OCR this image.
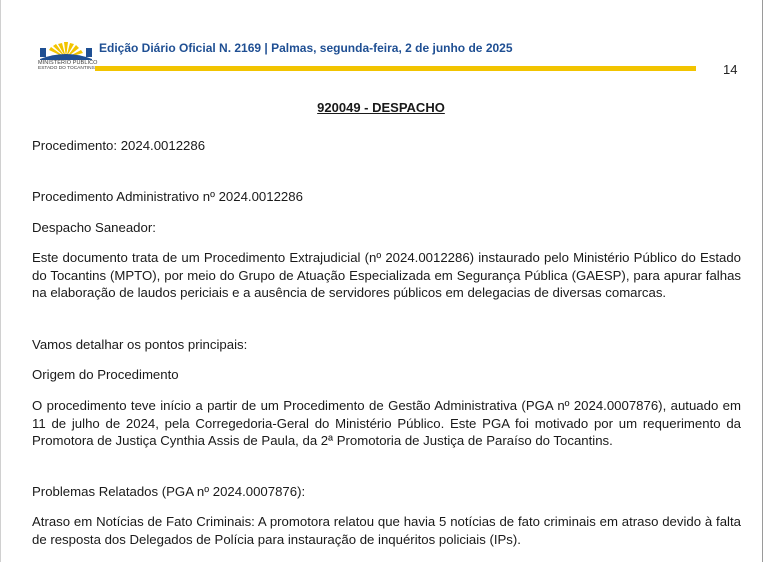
MINISTÉRIO PÚBLICO
ESTADO DO TOCANTINS
Edição Diário Oficial N. 2169 | Palmas, segunda-feira, 2 de junho de 2025
14
920049 - DESPACHO
Procedimento: 2024.0012286
Procedimento Administrativo nº 2024.0012286
Despacho Saneador:
Este documento trata de um Procedimento Extrajudicial (nº 2024.0012286) instaurado pelo Ministério Público do Estado do Tocantins (MPTO), por meio do Grupo de Atuação Especializada em Segurança Pública (GAESP), para apurar falhas na elaboração de laudos periciais e a ausência de servidores públicos em delegacias de diversas comarcas.
Vamos detalhar os pontos principais:
Origem do Procedimento
O procedimento teve início a partir de um Procedimento de Gestão Administrativa (PGA nº 2024.0007876), autuado em 11 de julho de 2024, pela Corregedoria-Geral do Ministério Público. Este PGA foi motivado por um requerimento da Promotora de Justiça Cynthia Assis de Paula, da 2ª Promotoria de Justiça de Paraíso do Tocantins.
Problemas Relatados (PGA nº 2024.0007876):
Atraso em Notícias de Fato Criminais: A promotora relatou que havia 5 notícias de fato criminais em atraso devido à falta de resposta dos Delegados de Polícia para instauração de inquéritos policiais (IPs).
